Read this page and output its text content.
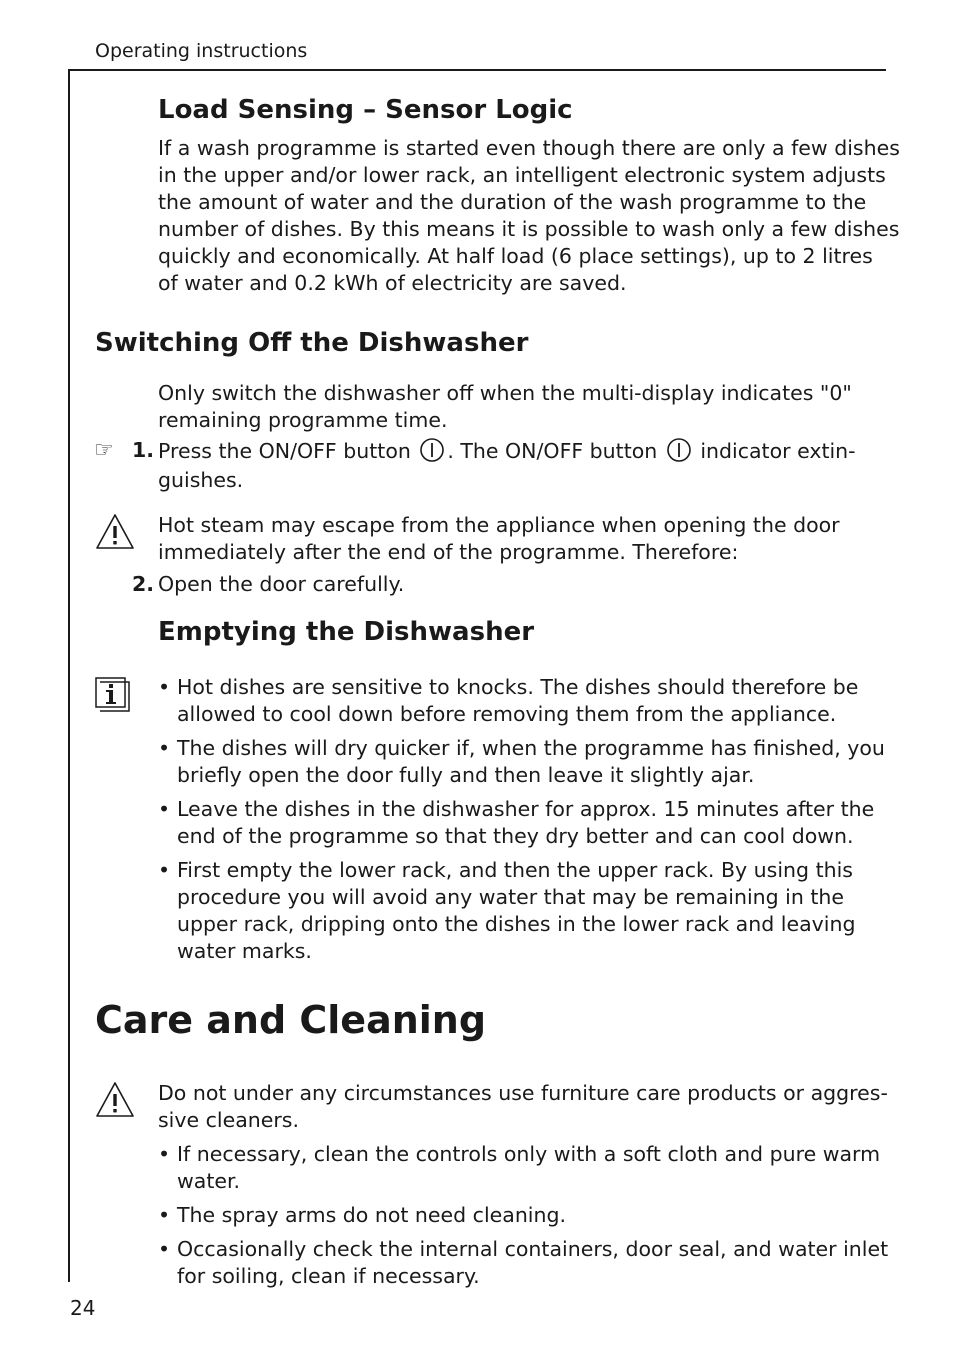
Operating instructions
Load Sensing – Sensor Logic
If a wash programme is started even though there are only a few dishes
in the upper and/or lower rack, an intelligent electronic system adjusts
the amount of water and the duration of the wash programme to the
number of dishes. By this means it is possible to wash only a few dishes
quickly and economically. At half load (6 place settings), up to 2 litres
of water and 0.2 kWh of electricity are saved.
Switching Off the Dishwasher
Only switch the dishwasher off when the multi-display indicates "0"
remaining programme time.
☞ 1. Press the ON/OFF button . The ON/OFF button  indicator extin-
guishes.
Hot steam may escape from the appliance when opening the door
immediately after the end of the programme. Therefore:
2. Open the door carefully.
Emptying the Dishwasher
• Hot dishes are sensitive to knocks. The dishes should therefore be
allowed to cool down before removing them from the appliance.
• The dishes will dry quicker if, when the programme has finished, you
briefly open the door fully and then leave it slightly ajar.
• Leave the dishes in the dishwasher for approx. 15 minutes after the
end of the programme so that they dry better and can cool down.
• First empty the lower rack, and then the upper rack. By using this
procedure you will avoid any water that may be remaining in the
upper rack, dripping onto the dishes in the lower rack and leaving
water marks.
Care and Cleaning
Do not under any circumstances use furniture care products or aggres-
sive cleaners.
• If necessary, clean the controls only with a soft cloth and pure warm
water.
• The spray arms do not need cleaning.
• Occasionally check the internal containers, door seal, and water inlet
for soiling, clean if necessary.
24
